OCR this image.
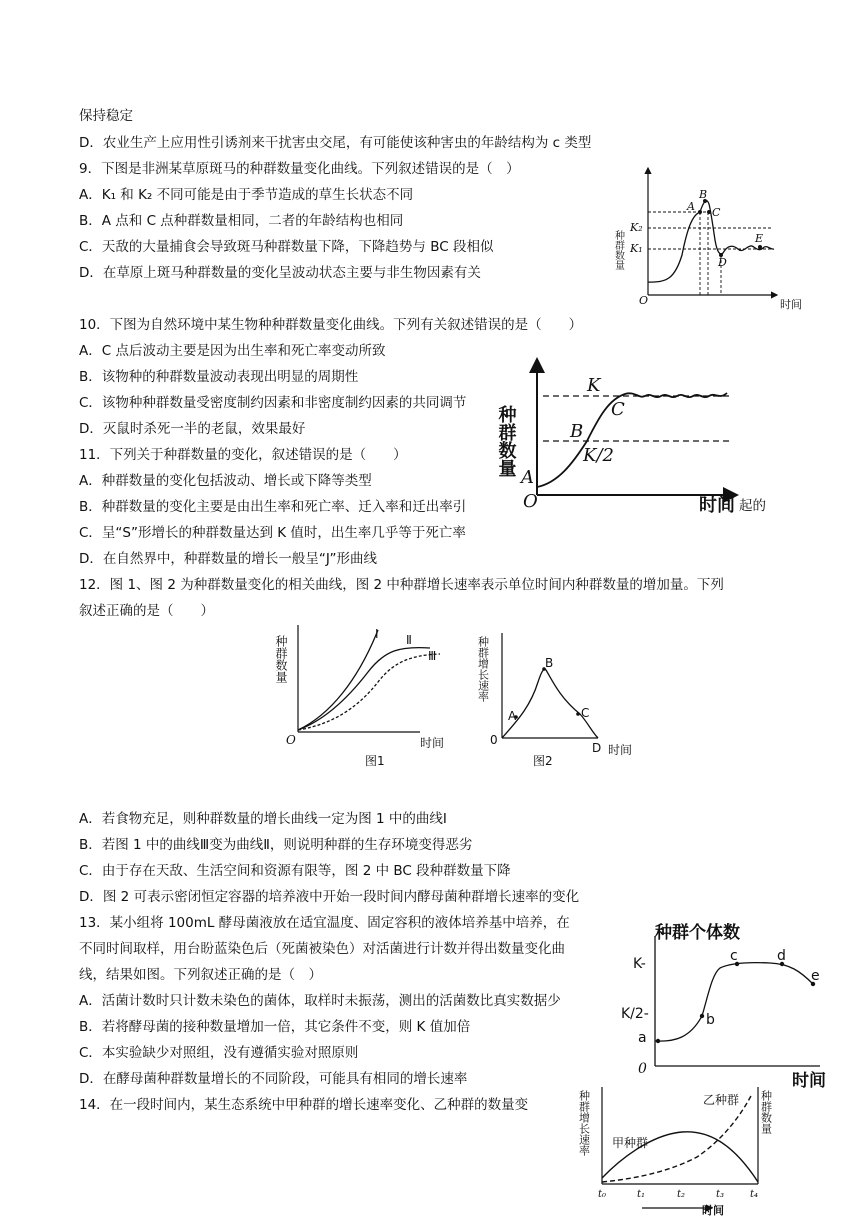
保持稳定
D．农业生产上应用性引诱剂来干扰害虫交尾，有可能使该种害虫的年龄结构为 c 类型
9．下图是非洲某草原斑马的种群数量变化曲线。下列叙述错误的是（　）
A．K₁ 和 K₂ 不同可能是由于季节造成的草生长状态不同
B．A 点和 C 点种群数量相同，二者的年龄结构也相同
C．天敌的大量捕食会导致斑马种群数量下降，下降趋势与 BC 段相似
D．在草原上斑马种群数量的变化呈波动状态主要与非生物因素有关
10．下图为自然环境中某生物种种群数量变化曲线。下列有关叙述错误的是（　　）
A．C 点后波动主要是因为出生率和死亡率变动所致
B．该物种的种群数量波动表现出明显的周期性
C．该物种种群数量受密度制约因素和非密度制约因素的共同调节
D．灭鼠时杀死一半的老鼠，效果最好
11．下列关于种群数量的变化，叙述错误的是（　　）
A．种群数量的变化包括波动、增长或下降等类型
B．种群数量的变化主要是由出生率和死亡率、迁入率和迁出率引
C．呈“S”形增长的种群数量达到 K 值时，出生率几乎等于死亡率
D．在自然界中，种群数量的增长一般呈“J”形曲线
12．图 1、图 2 为种群数量变化的相关曲线，图 2 中种群增长速率表示单位时间内种群数量的增加量。下列
叙述正确的是（　　）
A．若食物充足，则种群数量的增长曲线一定为图 1 中的曲线Ⅰ
B．若图 1 中的曲线Ⅲ变为曲线Ⅱ，则说明种群的生存环境变得恶劣
C．由于存在天敌、生活空间和资源有限等，图 2 中 BC 段种群数量下降
D．图 2 可表示密闭恒定容器的培养液中开始一段时间内酵母菌种群增长速率的变化
13．某小组将 100mL 酵母菌液放在适宜温度、固定容积的液体培养基中培养，在
不同时间取样，用台盼蓝染色后（死菌被染色）对活菌进行计数并得出数量变化曲
线，结果如图。下列叙述正确的是（　）
A．活菌计数时只计数未染色的菌体，取样时未振荡，测出的活菌数比真实数据少
B．若将酵母菌的接种数量增加一倍，其它条件不变，则 K 值加倍
C．本实验缺少对照组，没有遵循实验对照原则
D．在酵母菌种群数量增长的不同阶段，可能具有相同的增长速率
14．在一段时间内，某生态系统中甲种群的增长速率变化、乙种群的数量变
种群数量
K₂
K₁
A
B
C
D
E
O	时间
种群数量
K
C
B
K/2
A
O	时间 起的
种群数量
I Ⅱ
Ⅲ
O	时间
图1
种群增长速率
A
B
C
D
0
时间
图2
种群个体数
K-
K/2-
a
b
c	d
e
0
时间
种群增长速率	种群数量
甲种群
乙种群
t₀	t₁	t₂	t₃	t₄
时间
